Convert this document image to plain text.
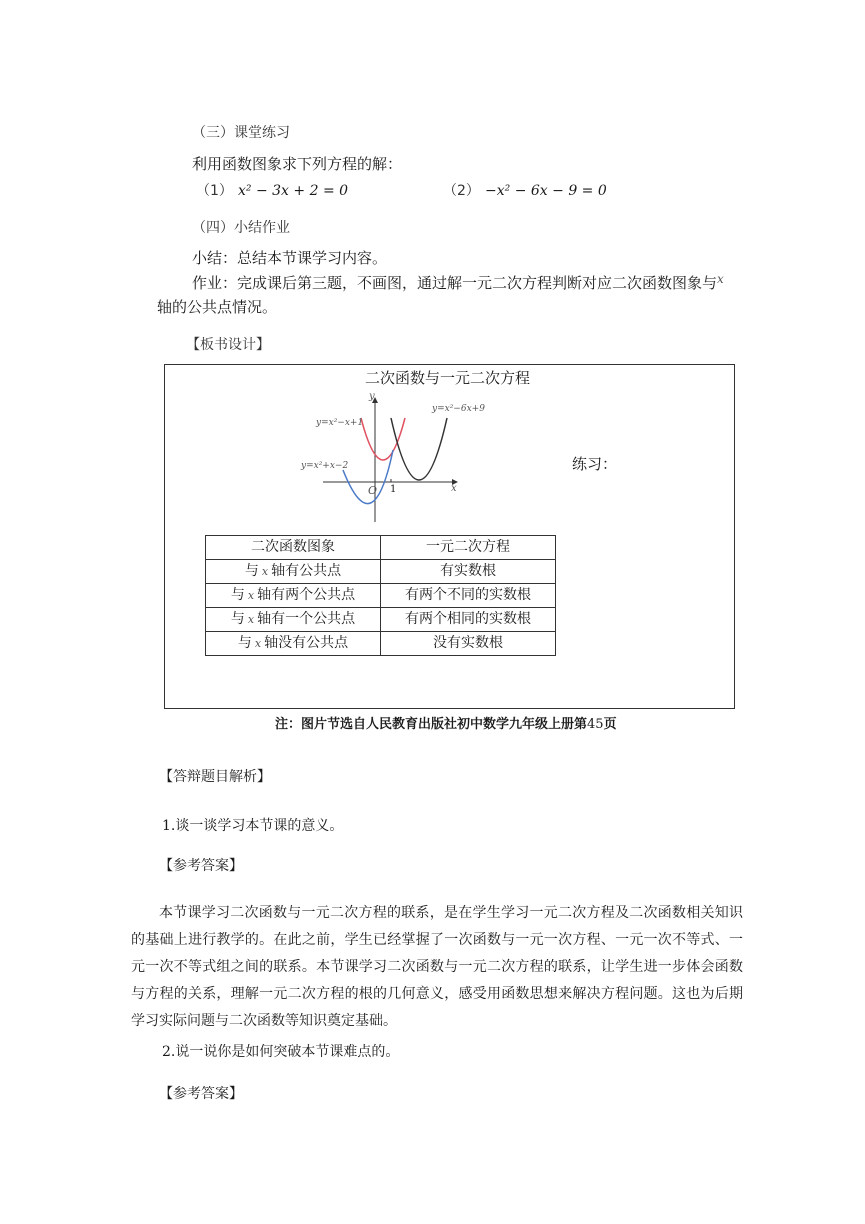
（三）课堂练习
利用函数图象求下列方程的解：
（1） x² − 3x + 2 = 0	（2） −x² − 6x − 9 = 0
（四）小结作业
小结：总结本节课学习内容。
作业：完成课后第三题，不画图，通过解一元二次方程判断对应二次函数图象与$^x$
轴的公共点情况。
【板书设计】
二次函数与一元二次方程
练习：
y
x
O 1
y=x²−x+1
y=x²+x−2
y=x²−6x+9
二次函数图象	一元二次方程
与 x 轴有公共点	有实数根
与 x 轴有两个公共点	有两个不同的实数根
与 x 轴有一个公共点	有两个相同的实数根
与 x 轴没有公共点	没有实数根
注：图片节选自人民教育出版社初中数学九年级上册第45页
【答辩题目解析】
1.谈一谈学习本节课的意义。
【参考答案】
本节课学习二次函数与一元二次方程的联系，是在学生学习一元二次方程及二次函数相关知识的基础上进行教学的。在此之前，学生已经掌握了一次函数与一元一次方程、一元一次不等式、一元一次不等式组之间的联系。本节课学习二次函数与一元二次方程的联系，让学生进一步体会函数与方程的关系，理解一元二次方程的根的几何意义，感受用函数思想来解决方程问题。这也为后期学习实际问题与二次函数等知识奠定基础。
2.说一说你是如何突破本节课难点的。
【参考答案】
